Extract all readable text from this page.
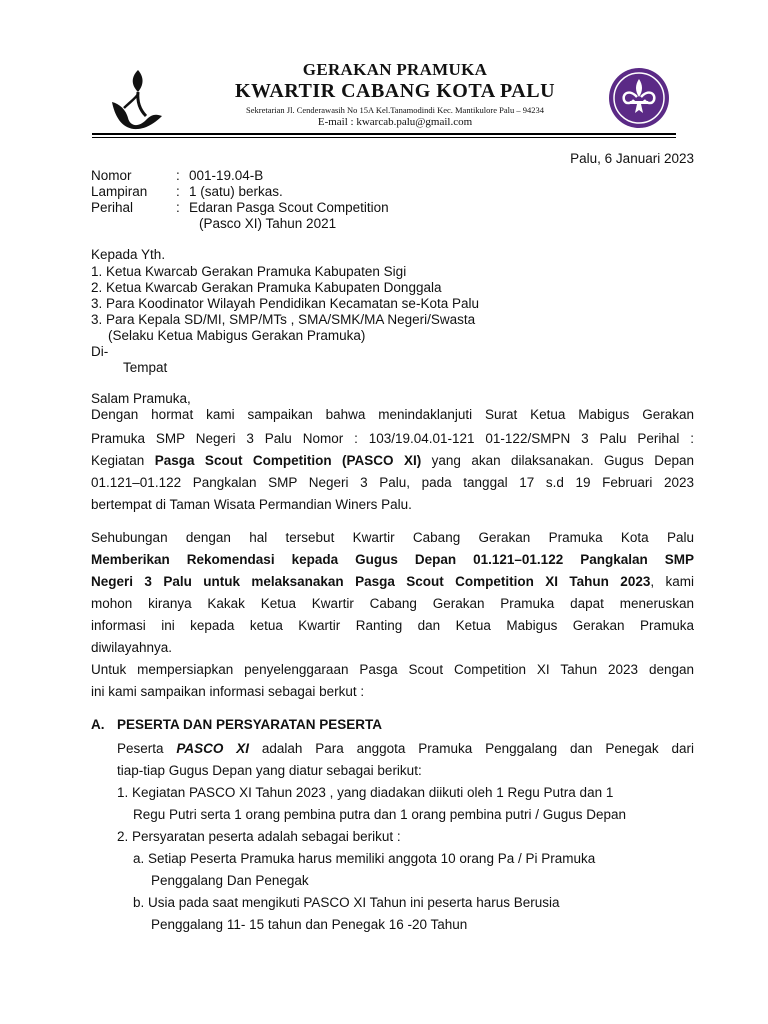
GERAKAN PRAMUKA
KWARTIR CABANG KOTA PALU
Sekretarian Jl. Cenderawasih No 15A Kel.Tanamodindi Kec. Mantikulore Palu – 94234
E-mail : kwarcab.palu@gmail.com
Palu, 6 Januari 2023
Nomor	: 001-19.04-B
Lampiran : 1 (satu) berkas.
Perihal	: Edaran Pasga Scout Competition
(Pasco XI) Tahun 2021
Kepada Yth.
1. Ketua Kwarcab Gerakan Pramuka Kabupaten Sigi
2. Ketua Kwarcab Gerakan Pramuka Kabupaten Donggala
3. Para Koodinator Wilayah Pendidikan Kecamatan se-Kota Palu
3. Para Kepala SD/MI, SMP/MTs , SMA/SMK/MA Negeri/Swasta
(Selaku Ketua Mabigus Gerakan Pramuka)
Di-
Tempat
Salam Pramuka,
Dengan hormat kami sampaikan bahwa menindaklanjuti Surat Ketua Mabigus Gerakan
Pramuka SMP Negeri 3 Palu Nomor : 103/19.04.01-121 01-122/SMPN 3 Palu Perihal :
Kegiatan Pasga Scout Competition (PASCO XI) yang akan dilaksanakan. Gugus Depan
01.121–01.122 Pangkalan SMP Negeri 3 Palu, pada tanggal 17 s.d 19 Februari 2023
bertempat di Taman Wisata Permandian Winers Palu.
Sehubungan dengan hal tersebut Kwartir Cabang Gerakan Pramuka Kota Palu
Memberikan Rekomendasi kepada Gugus Depan 01.121–01.122 Pangkalan SMP
Negeri 3 Palu untuk melaksanakan Pasga Scout Competition XI Tahun 2023, kami
mohon kiranya Kakak Ketua Kwartir Cabang Gerakan Pramuka dapat meneruskan
informasi ini kepada ketua Kwartir Ranting dan Ketua Mabigus Gerakan Pramuka
diwilayahnya.
Untuk mempersiapkan penyelenggaraan Pasga Scout Competition XI Tahun 2023 dengan
ini kami sampaikan informasi sebagai berkut :
A. PESERTA DAN PERSYARATAN PESERTA
Peserta PASCO XI adalah Para anggota Pramuka Penggalang dan Penegak dari
tiap-tiap Gugus Depan yang diatur sebagai berikut:
1. Kegiatan PASCO XI Tahun 2023 , yang diadakan diikuti oleh 1 Regu Putra dan 1
Regu Putri serta 1 orang pembina putra dan 1 orang pembina putri / Gugus Depan
2. Persyaratan peserta adalah sebagai berikut :
a. Setiap Peserta Pramuka harus memiliki anggota 10 orang Pa / Pi Pramuka
Penggalang Dan Penegak
b. Usia pada saat mengikuti PASCO XI Tahun ini peserta harus Berusia
Penggalang 11- 15 tahun dan Penegak 16 -20 Tahun
